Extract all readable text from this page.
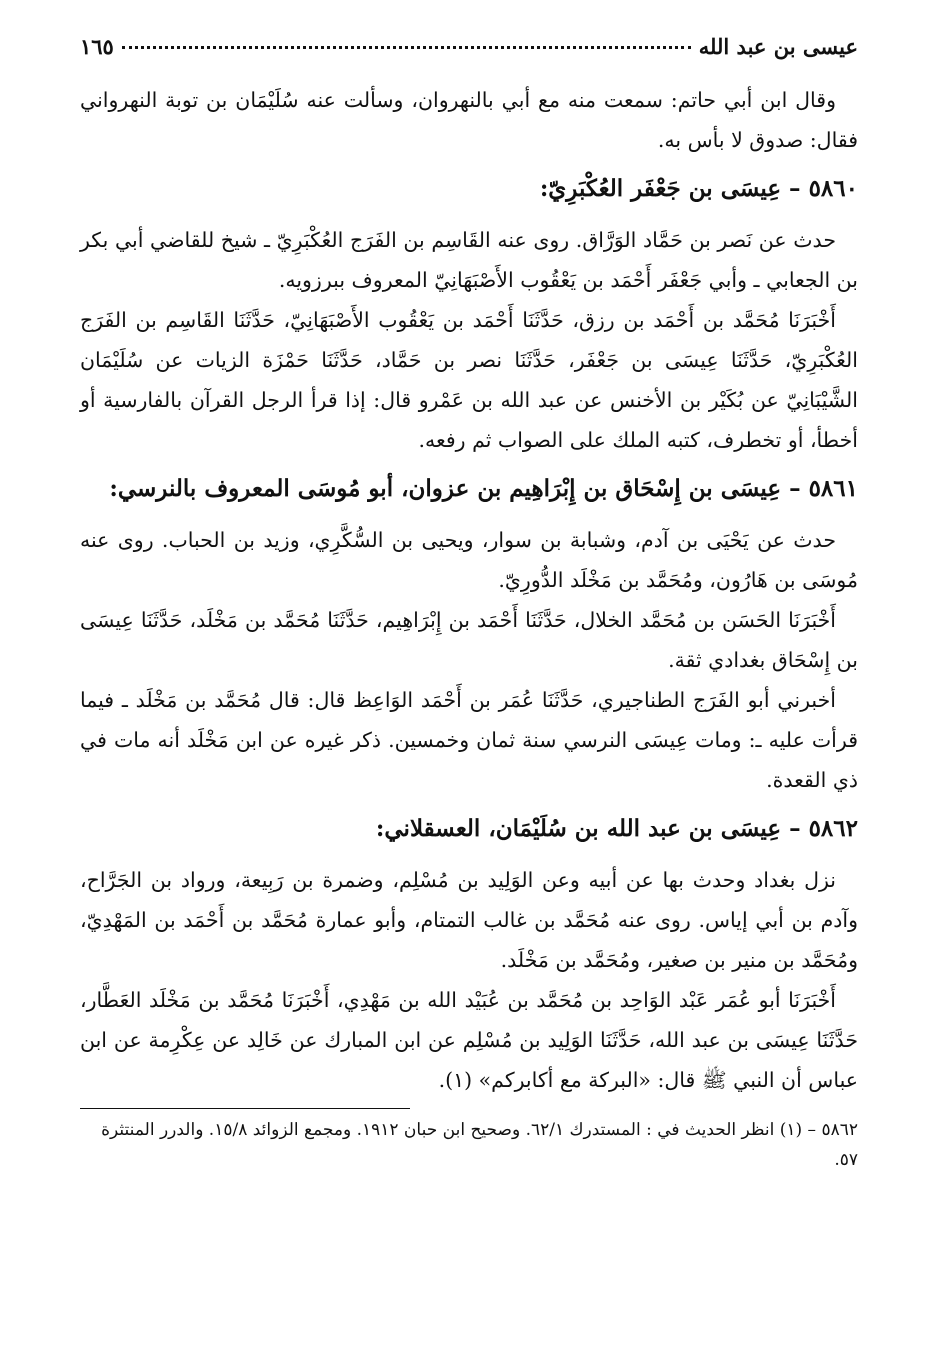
عيسى بن عبد الله
١٦٥

وقال ابن أبي حاتم: سمعت منه مع أبي بالنهروان، وسألت عنه سُلَيْمَان بن توبة النهرواني فقال: صدوق لا بأس به.

٥٨٦٠ – عِيسَى بن جَعْفَر العُكْبَرِيّ:

حدث عن نَصر بن حَمَّاد الوَرَّاق. روى عنه القَاسِم بن الفَرَج العُكْبَرِيّ ـ شيخ للقاضي أبي بكر بن الجعابي ـ وأبي جَعْفَر أَحْمَد بن يَعْقُوب الأَصْبَهَانِيّ المعروف ببرزويه.

أَخْبَرَنَا مُحَمَّد بن أَحْمَد بن رزق، حَدَّثَنَا أَحْمَد بن يَعْقُوب الأَصْبَهَانِيّ، حَدَّثَنَا القَاسِم بن الفَرَج العُكْبَرِيّ، حَدَّثَنَا عِيسَى بن جَعْفَر، حَدَّثَنَا نصر بن حَمَّاد، حَدَّثَنَا حَمْزَة الزيات عن سُلَيْمَان الشَّيْبَانِيّ عن بُكَيْر بن الأخنس عن عبد الله بن عَمْرو قال: إذا قرأ الرجل القرآن بالفارسية أو أخطأ، أو تخطرف، كتبه الملك على الصواب ثم رفعه.

٥٨٦١ – عِيسَى بن إِسْحَاق بن إِبْرَاهِيم بن عزوان، أبو مُوسَى المعروف بالنرسي:

حدث عن يَحْيَى بن آدم، وشبابة بن سوار، ويحيى بن السُّكَّرِي، وزيد بن الحباب. روى عنه مُوسَى بن هَارُون، ومُحَمَّد بن مَخْلَد الدُّورِيّ.

أَخْبَرَنَا الحَسَن بن مُحَمَّد الخلال، حَدَّثَنَا أَحْمَد بن إِبْرَاهِيم، حَدَّثَنَا مُحَمَّد بن مَخْلَد، حَدَّثَنَا عِيسَى بن إِسْحَاق بغدادي ثقة.

أخبرني أبو الفَرَج الطناجيري، حَدَّثَنَا عُمَر بن أَحْمَد الوَاعِظ قال: قال مُحَمَّد بن مَخْلَد ـ فيما قرأت عليه ـ: ومات عِيسَى النرسي سنة ثمان وخمسين. ذكر غيره عن ابن مَخْلَد أنه مات في ذي القعدة.

٥٨٦٢ – عِيسَى بن عبد الله بن سُلَيْمَان، العسقلاني:

نزل بغداد وحدث بها عن أبيه وعن الوَلِيد بن مُسْلِم، وضمرة بن رَبِيعة، ورواد بن الجَرَّاح، وآدم بن أبي إياس. روى عنه مُحَمَّد بن غالب التمتام، وأبو عمارة مُحَمَّد بن أَحْمَد بن المَهْدِيّ، ومُحَمَّد بن منير بن صغير، ومُحَمَّد بن مَخْلَد.

أَخْبَرَنَا أبو عُمَر عَبْد الوَاحِد بن مُحَمَّد بن عُبَيْد الله بن مَهْدِي، أَخْبَرَنَا مُحَمَّد بن مَخْلَد العَطَّار، حَدَّثَنَا عِيسَى بن عبد الله، حَدَّثَنَا الوَلِيد بن مُسْلِم عن ابن المبارك عن خَالِد عن عِكْرِمة عن ابن عباس أن النبي ﷺ قال: «البركة مع أكابركم» (١).

٥٨٦٢ – (١) انظر الحديث في : المستدرك ٦٢/١. وصحيح ابن حبان ١٩١٢. ومجمع الزوائد ١٥/٨. والدرر المنتثرة ٥٧.
